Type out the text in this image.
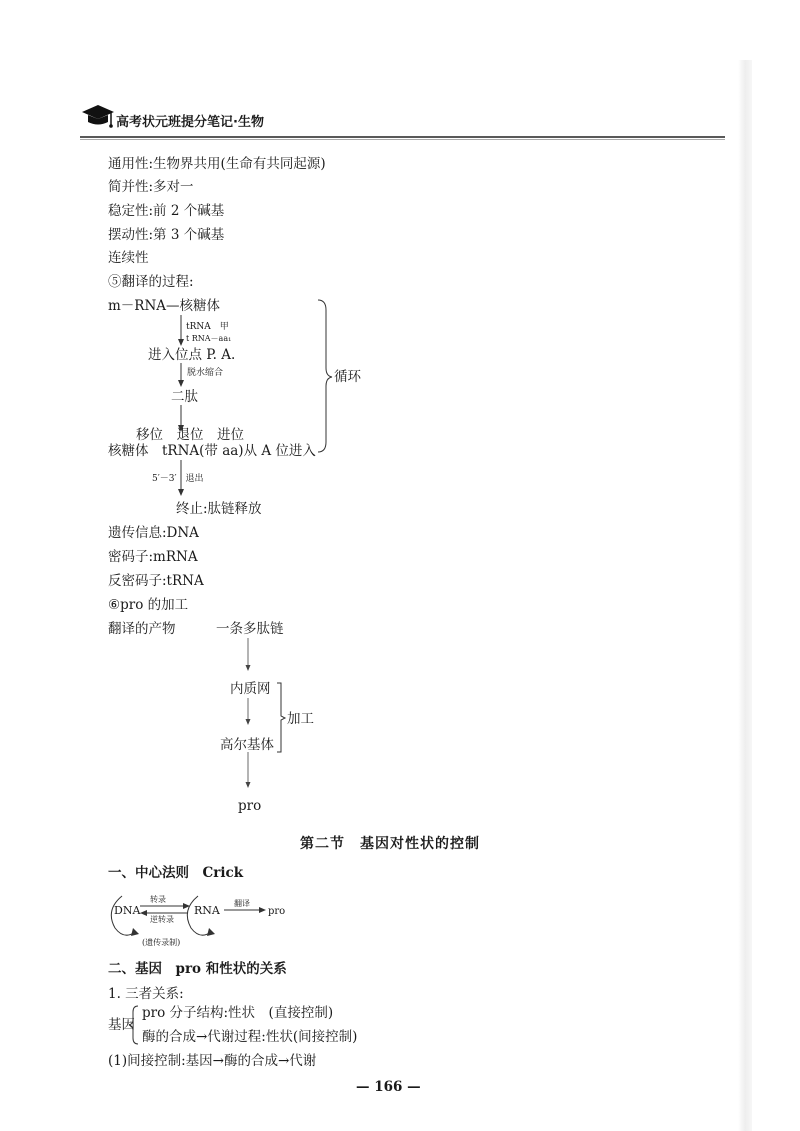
高考状元班提分笔记·生物
通用性:生物界共用(生命有共同起源)
简并性:多对一
稳定性:前 2 个碱基
摆动性:第 3 个碱基
连续性
⑤翻译的过程:
m－RNA—核糖体
tRNA　甲
t RNA－aa₁
进入位点 P. A.
脱水缩合
二肽
移位　退位　进位
核糖体　tRNA(带 aa)从 A 位进入
循环
5′－3′　退出
终止:肽链释放
遗传信息:DNA
密码子:mRNA
反密码子:tRNA
⑥pro 的加工
翻译的产物	一条多肽链
内质网
高尔基体
pro
加工
第二节　基因对性状的控制
一、中心法则　Crick
DNA	RNA	pro
转录
逆转录
翻译
(遗传录制)
二、基因　pro 和性状的关系
1. 三者关系:
基因
pro 分子结构:性状　(直接控制)
酶的合成→代谢过程:性状(间接控制)
(1)间接控制:基因→酶的合成→代谢
— 166 —
